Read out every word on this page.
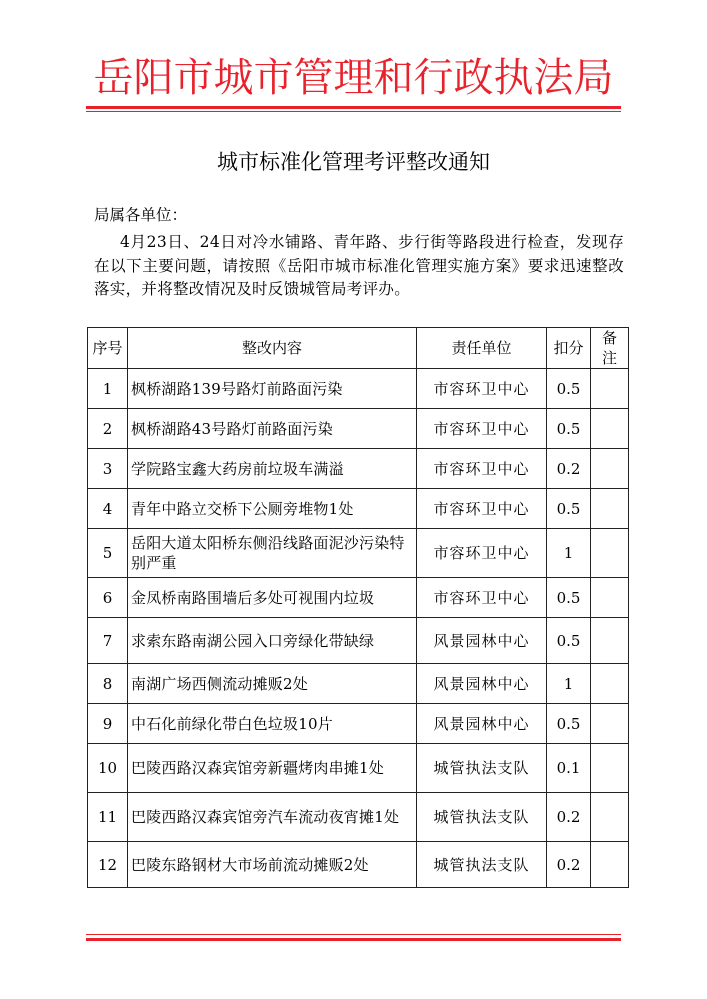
岳阳市城市管理和行政执法局
城市标准化管理考评整改通知
局属各单位：
4月23日、24日对冷水铺路、青年路、步行街等路段进行检查，发现存在以下主要问题，请按照《岳阳市城市标准化管理实施方案》要求迅速整改落实，并将整改情况及时反馈城管局考评办。
序号	整改内容	责任单位	扣分	备注
1	枫桥湖路139号路灯前路面污染	市容环卫中心	0.5	
2	枫桥湖路43号路灯前路面污染	市容环卫中心	0.5	
3	学院路宝鑫大药房前垃圾车满溢	市容环卫中心	0.2	
4	青年中路立交桥下公厕旁堆物1处	市容环卫中心	0.5	
5	岳阳大道太阳桥东侧沿线路面泥沙污染特别严重	市容环卫中心	1	
6	金凤桥南路围墙后多处可视围内垃圾	市容环卫中心	0.5	
7	求索东路南湖公园入口旁绿化带缺绿	风景园林中心	0.5	
8	南湖广场西侧流动摊贩2处	风景园林中心	1	
9	中石化前绿化带白色垃圾10片	风景园林中心	0.5	
10	巴陵西路汉森宾馆旁新疆烤肉串摊1处	城管执法支队	0.1	
11	巴陵西路汉森宾馆旁汽车流动夜宵摊1处	城管执法支队	0.2	
12	巴陵东路钢材大市场前流动摊贩2处	城管执法支队	0.2	
